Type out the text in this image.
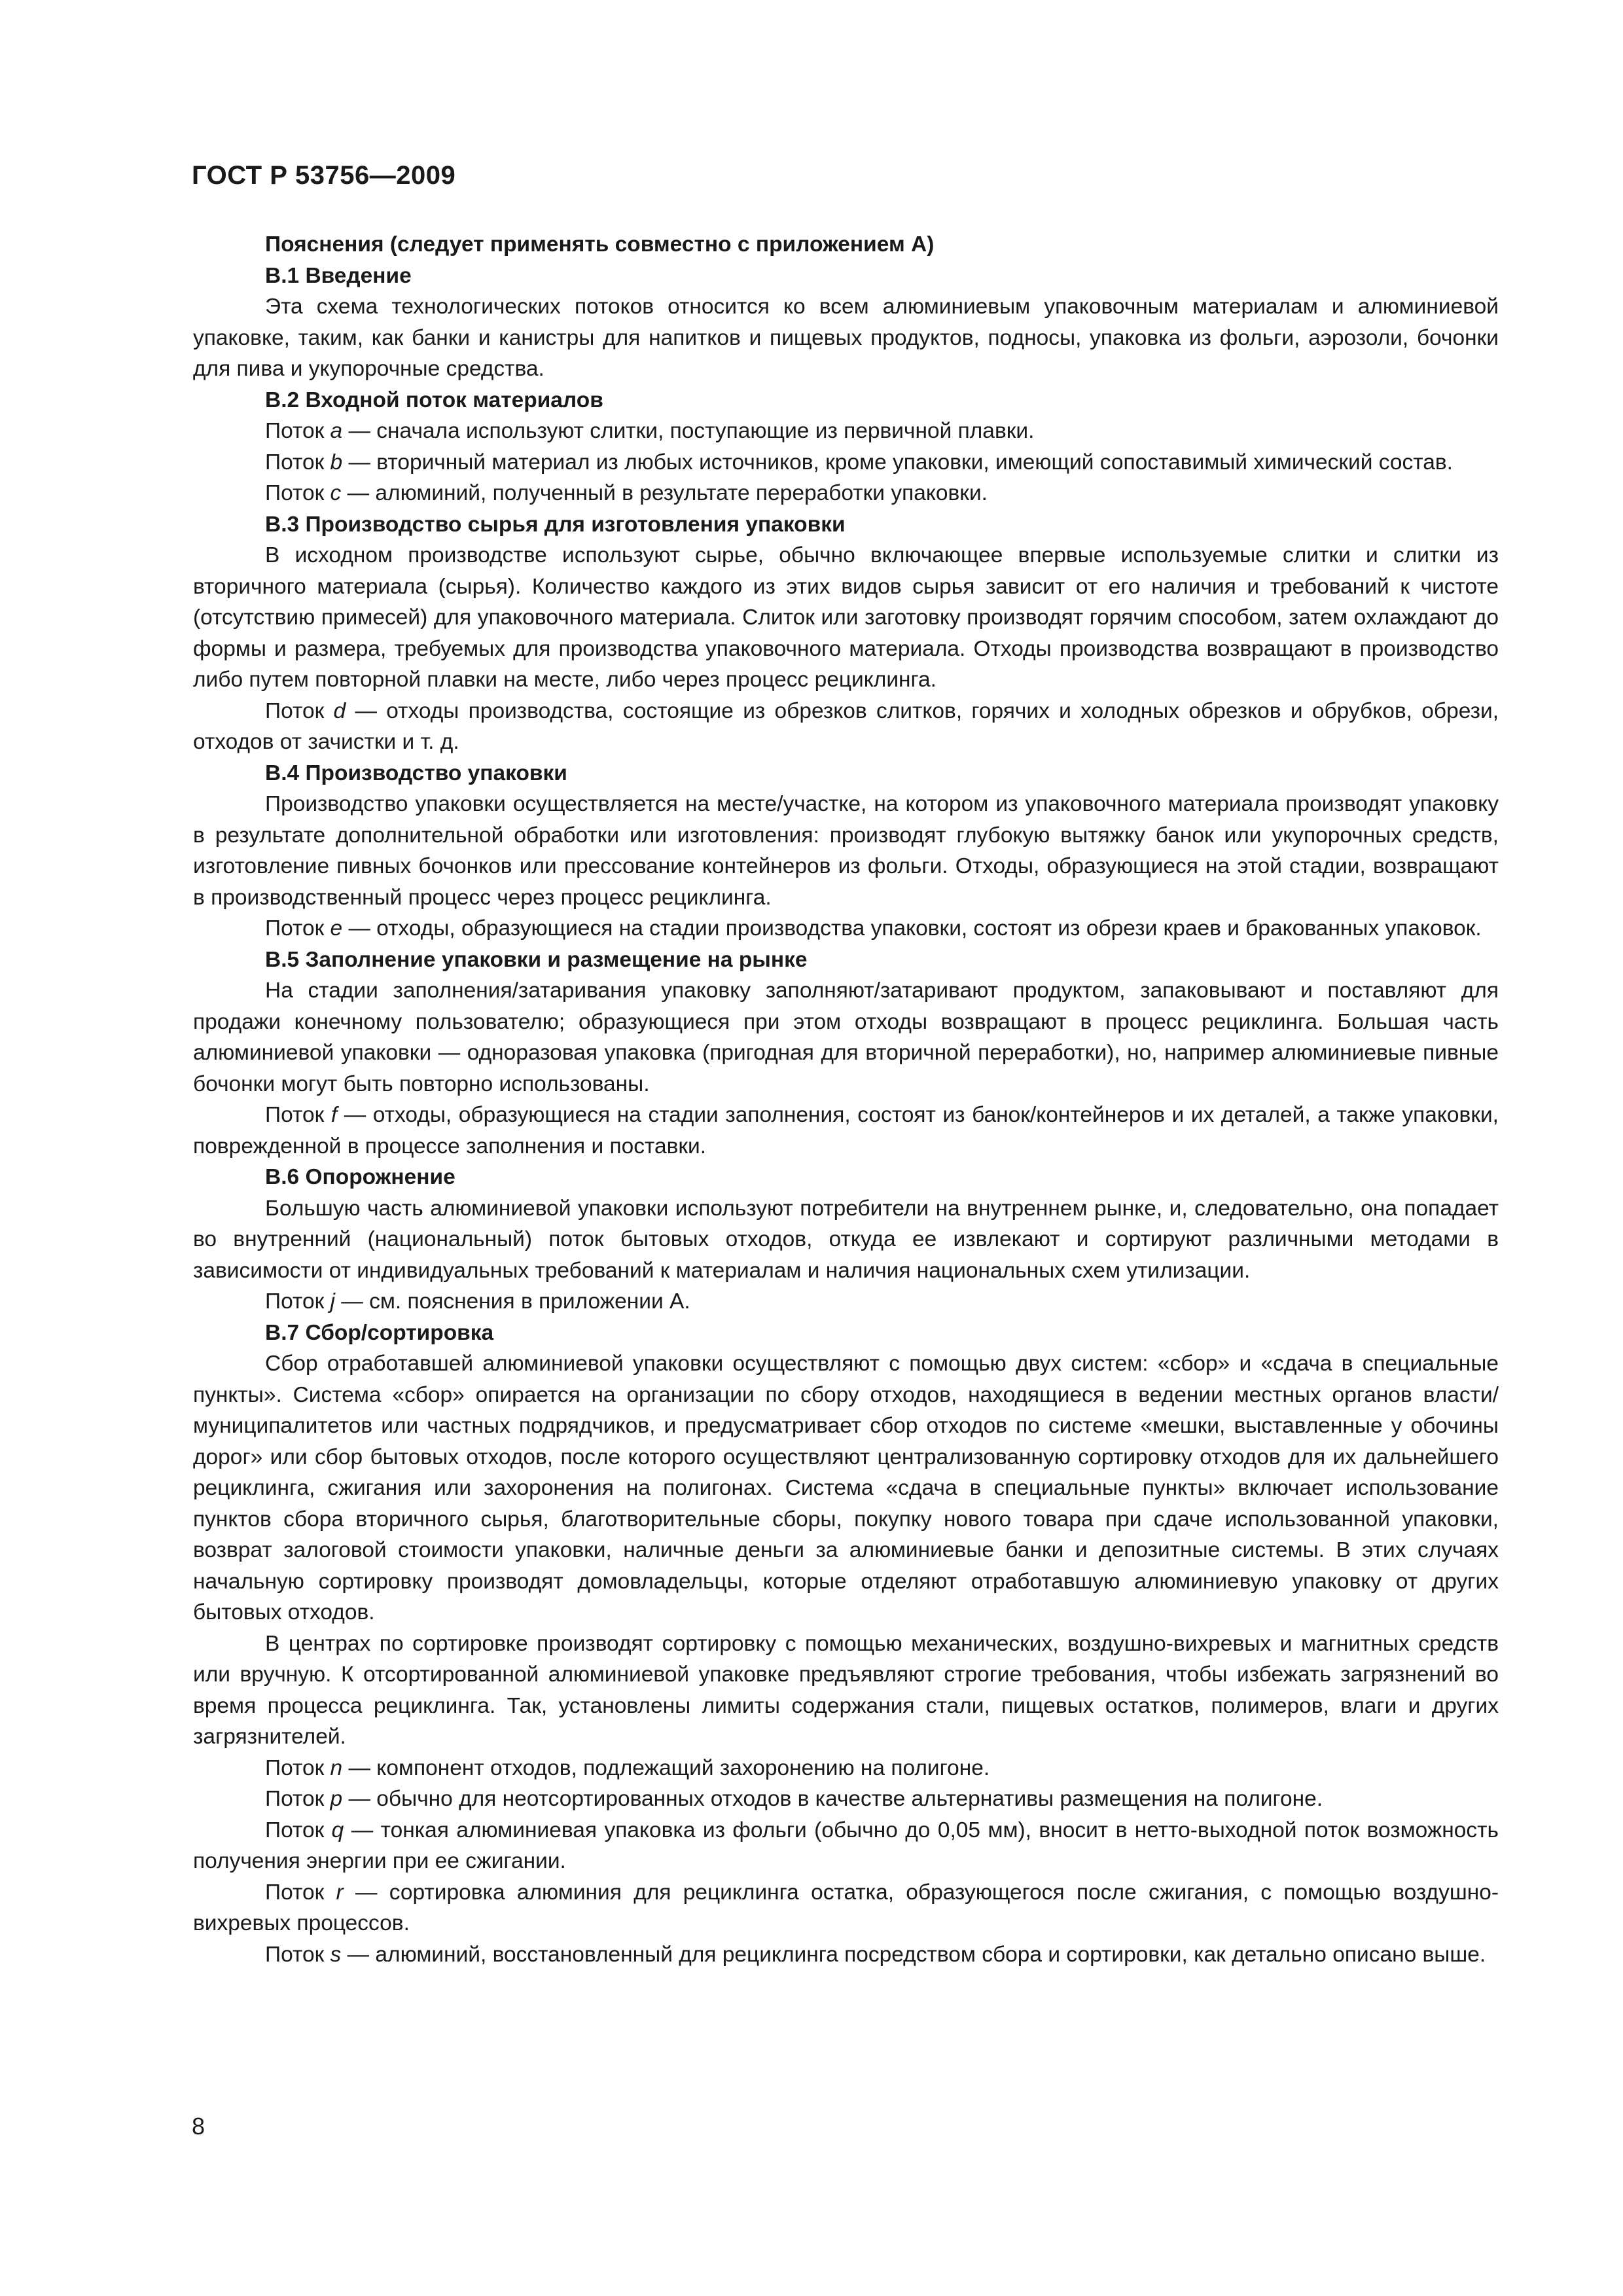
ГОСТ Р 53756—2009
Пояснения (следует применять совместно с приложением А)
В.1 Введение

Эта схема технологических потоков относится ко всем алюминиевым упаковочным материалам и алюминиевой упаковке, таким, как банки и канистры для напитков и пищевых продуктов, подносы, упаковка из фольги, аэрозоли, бочонки для пива и укупорочные средства.

В.2 Входной поток материалов

Поток a — сначала используют слитки, поступающие из первичной плавки.

Поток b — вторичный материал из любых источников, кроме упаковки, имеющий сопоставимый химический состав.

Поток c — алюминий, полученный в результате переработки упаковки.

В.3 Производство сырья для изготовления упаковки

В исходном производстве используют сырье, обычно включающее впервые используемые слитки и слитки из вторичного материала (сырья). Количество каждого из этих видов сырья зависит от его наличия и требований к чистоте (отсутствию примесей) для упаковочного материала. Слиток или заготовку производят горячим способом, затем охлаждают до формы и размера, требуемых для производства упаковочного материала. Отходы производства возвращают в производство либо путем повторной плавки на месте, либо через процесс рециклинга.

Поток d — отходы производства, состоящие из обрезков слитков, горячих и холодных обрезков и обрубков, обрези, отходов от зачистки и т. д.

В.4 Производство упаковки

Производство упаковки осуществляется на месте/участке, на котором из упаковочного материала производят упаковку в результате дополнительной обработки или изготовления: производят глубокую вытяжку банок или укупорочных средств, изготовление пивных бочонков или прессование контейнеров из фольги. Отходы, образующиеся на этой стадии, возвращают в производственный процесс через процесс рециклинга.

Поток e — отходы, образующиеся на стадии производства упаковки, состоят из обрези краев и бракованных упаковок.

В.5 Заполнение упаковки и размещение на рынке

На стадии заполнения/затаривания упаковку заполняют/затаривают продуктом, запаковывают и поставляют для продажи конечному пользователю; образующиеся при этом отходы возвращают в процесс рециклинга. Большая часть алюминиевой упаковки — одноразовая упаковка (пригодная для вторичной переработки), но, например алюминиевые пивные бочонки могут быть повторно использованы.

Поток f — отходы, образующиеся на стадии заполнения, состоят из банок/контейнеров и их деталей, а также упаковки, поврежденной в процессе заполнения и поставки.

В.6 Опорожнение

Большую часть алюминиевой упаковки используют потребители на внутреннем рынке, и, следовательно, она попадает во внутренний (национальный) поток бытовых отходов, откуда ее извлекают и сортируют различными методами в зависимости от индивидуальных требований к материалам и наличия национальных схем утилизации.

Поток j — см. пояснения в приложении А.

В.7 Сбор/сортировка

Сбор отработавшей алюминиевой упаковки осуществляют с помощью двух систем: «сбор» и «сдача в специальные пункты». Система «сбор» опирается на организации по сбору отходов, находящиеся в ведении местных органов власти/муниципалитетов или частных подрядчиков, и предусматривает сбор отходов по системе «мешки, выставленные у обочины дорог» или сбор бытовых отходов, после которого осуществляют централизованную сортировку отходов для их дальнейшего рециклинга, сжигания или захоронения на полигонах. Система «сдача в специальные пункты» включает использование пунктов сбора вторичного сырья, благотворительные сборы, покупку нового товара при сдаче использованной упаковки, возврат залоговой стоимости упаковки, наличные деньги за алюминиевые банки и депозитные системы. В этих случаях начальную сортировку производят домовладельцы, которые отделяют отработавшую алюминиевую упаковку от других бытовых отходов.

В центрах по сортировке производят сортировку с помощью механических, воздушно-вихревых и магнитных средств или вручную. К отсортированной алюминиевой упаковке предъявляют строгие требования, чтобы избежать загрязнений во время процесса рециклинга. Так, установлены лимиты содержания стали, пищевых остатков, полимеров, влаги и других загрязнителей.

Поток n — компонент отходов, подлежащий захоронению на полигоне.

Поток p — обычно для неотсортированных отходов в качестве альтернативы размещения на полигоне.

Поток q — тонкая алюминиевая упаковка из фольги (обычно до 0,05 мм), вносит в нетто-выходной поток возможность получения энергии при ее сжигании.

Поток r — сортировка алюминия для рециклинга остатка, образующегося после сжигания, с помощью воздушно-вихревых процессов.

Поток s — алюминий, восстановленный для рециклинга посредством сбора и сортировки, как детально описано выше.

8
